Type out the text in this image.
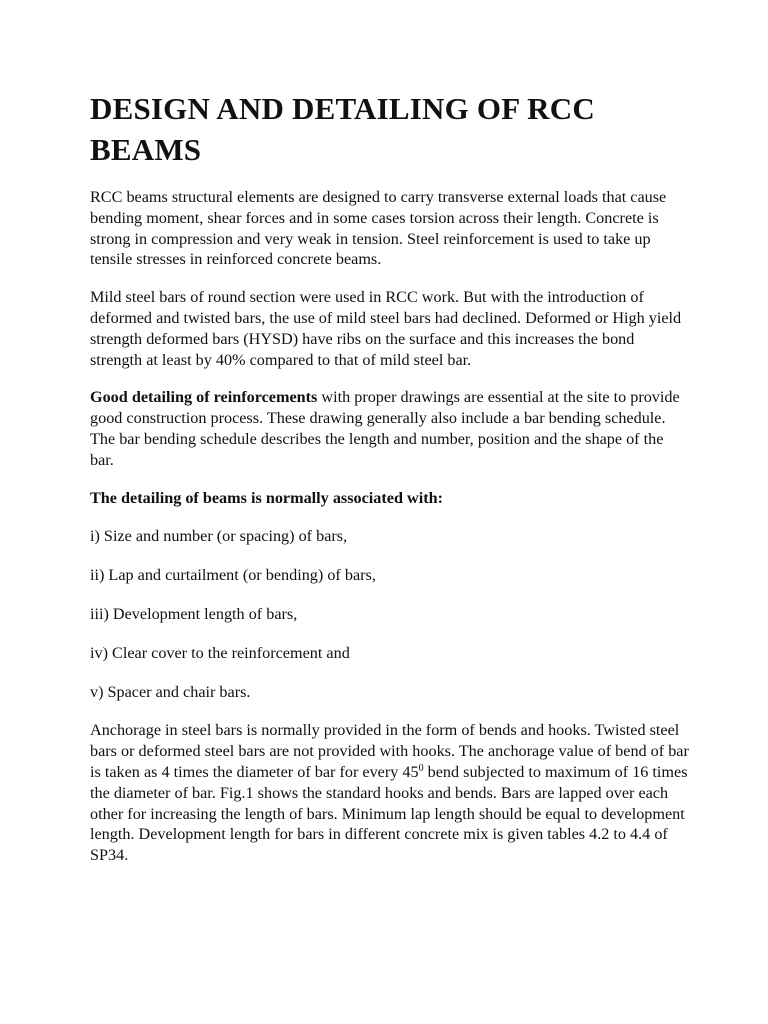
DESIGN AND DETAILING OF RCC BEAMS

RCC beams structural elements are designed to carry transverse external loads that cause bending moment, shear forces and in some cases torsion across their length. Concrete is strong in compression and very weak in tension. Steel reinforcement is used to take up tensile stresses in reinforced concrete beams.

Mild steel bars of round section were used in RCC work. But with the introduction of deformed and twisted bars, the use of mild steel bars had declined. Deformed or High yield strength deformed bars (HYSD) have ribs on the surface and this increases the bond strength at least by 40% compared to that of mild steel bar.

Good detailing of reinforcements with proper drawings are essential at the site to provide good construction process. These drawing generally also include a bar bending schedule. The bar bending schedule describes the length and number, position and the shape of the bar.

The detailing of beams is normally associated with:

i) Size and number (or spacing) of bars,

ii) Lap and curtailment (or bending) of bars,

iii) Development length of bars,

iv) Clear cover to the reinforcement and

v) Spacer and chair bars.

Anchorage in steel bars is normally provided in the form of bends and hooks. Twisted steel bars or deformed steel bars are not provided with hooks. The anchorage value of bend of bar is taken as 4 times the diameter of bar for every $45^0$ bend subjected to maximum of 16 times the diameter of bar. Fig.1 shows the standard hooks and bends. Bars are lapped over each other for increasing the length of bars. Minimum lap length should be equal to development length. Development length for bars in different concrete mix is given tables 4.2 to 4.4 of SP34.
